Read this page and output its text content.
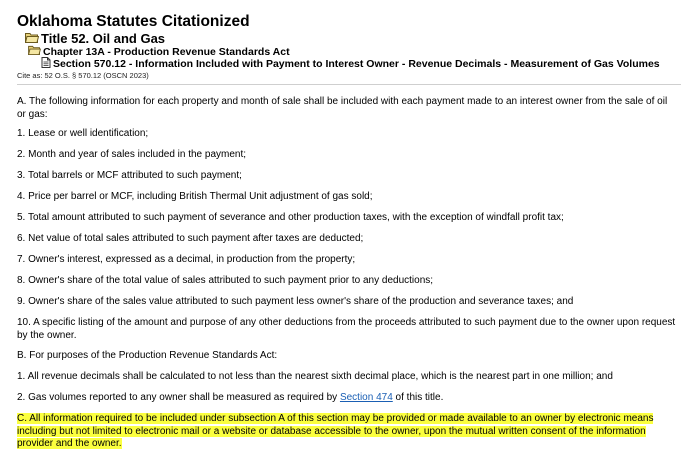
Oklahoma Statutes Citationized
Title 52. Oil and Gas
Chapter 13A - Production Revenue Standards Act
Section 570.12 - Information Included with Payment to Interest Owner - Revenue Decimals - Measurement of Gas Volumes
Cite as: 52 O.S. § 570.12 (OSCN 2023)

A. The following information for each property and month of sale shall be included with each payment made to an interest owner from the sale of oil or gas:

1. Lease or well identification;

2. Month and year of sales included in the payment;

3. Total barrels or MCF attributed to such payment;

4. Price per barrel or MCF, including British Thermal Unit adjustment of gas sold;

5. Total amount attributed to such payment of severance and other production taxes, with the exception of windfall profit tax;

6. Net value of total sales attributed to such payment after taxes are deducted;

7. Owner's interest, expressed as a decimal, in production from the property;

8. Owner's share of the total value of sales attributed to such payment prior to any deductions;

9. Owner's share of the sales value attributed to such payment less owner's share of the production and severance taxes; and

10. A specific listing of the amount and purpose of any other deductions from the proceeds attributed to such payment due to the owner upon request by the owner.

B. For purposes of the Production Revenue Standards Act:

1. All revenue decimals shall be calculated to not less than the nearest sixth decimal place, which is the nearest part in one million; and

2. Gas volumes reported to any owner shall be measured as required by Section 474 of this title.

C. All information required to be included under subsection A of this section may be provided or made available to an owner by electronic means including but not limited to electronic mail or a website or database accessible to the owner, upon the mutual written consent of the information provider and the owner.
